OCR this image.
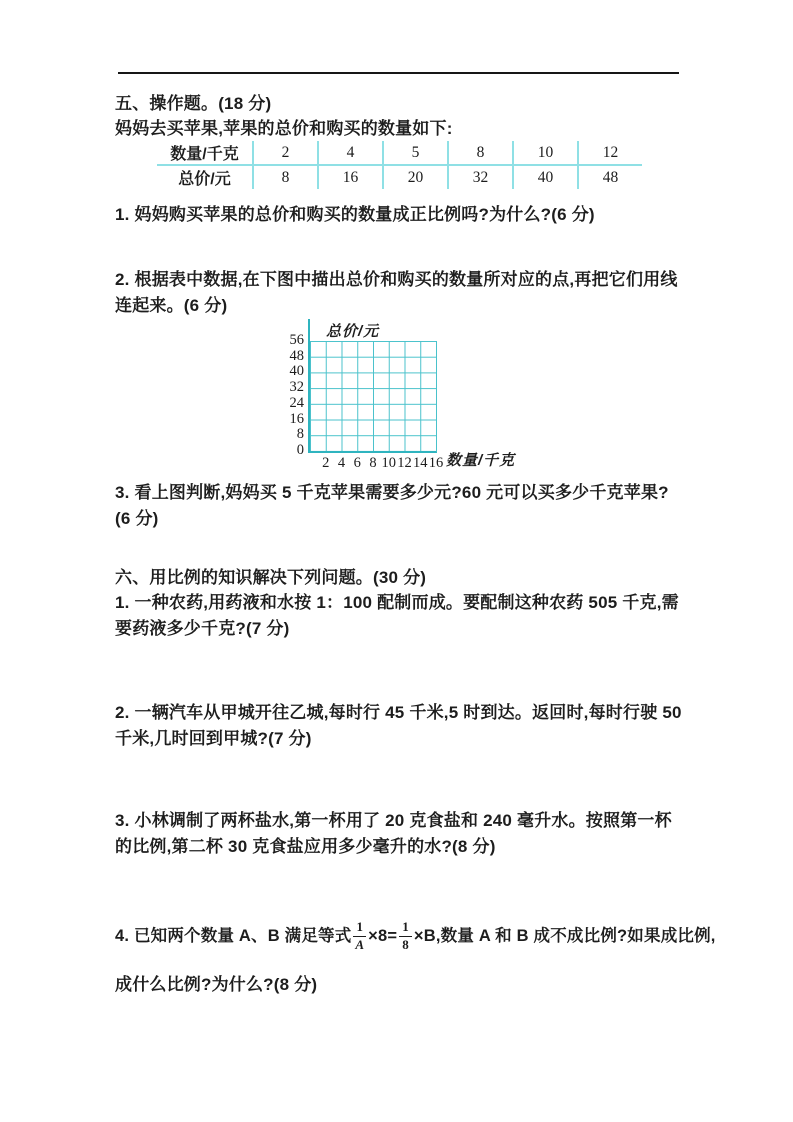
五、操作题。(18 分)
妈妈去买苹果,苹果的总价和购买的数量如下:
数量/千克	2	4	5	8	10	12
总价/元	8	16	20	32	40	48
1. 妈妈购买苹果的总价和购买的数量成正比例吗?为什么?(6 分)
2. 根据表中数据,在下图中描出总价和购买的数量所对应的点,再把它们用线连起来。(6 分)
总价/元
56
48
40
32
24
16
8
0
2 4 6 8 10 12 14 16 数量/千克
3. 看上图判断,妈妈买 5 千克苹果需要多少元?60 元可以买多少千克苹果?(6 分)
六、用比例的知识解决下列问题。(30 分)
1. 一种农药,用药液和水按 1：100 配制而成。要配制这种农药 505 千克,需要药液多少千克?(7 分)
2. 一辆汽车从甲城开往乙城,每时行 45 千米,5 时到达。返回时,每时行驶 50 千米,几时回到甲城?(7 分)
3. 小林调制了两杯盐水,第一杯用了 20 克食盐和 240 毫升水。按照第一杯的比例,第二杯 30 克食盐应用多少毫升的水?(8 分)
4. 已知两个数量 A、B 满足等式 $\frac{1}{A} \times 8= \frac{1}{8} \times B$,数量 A 和 B 成不成比例?如果成比例,
成什么比例?为什么?(8 分)
